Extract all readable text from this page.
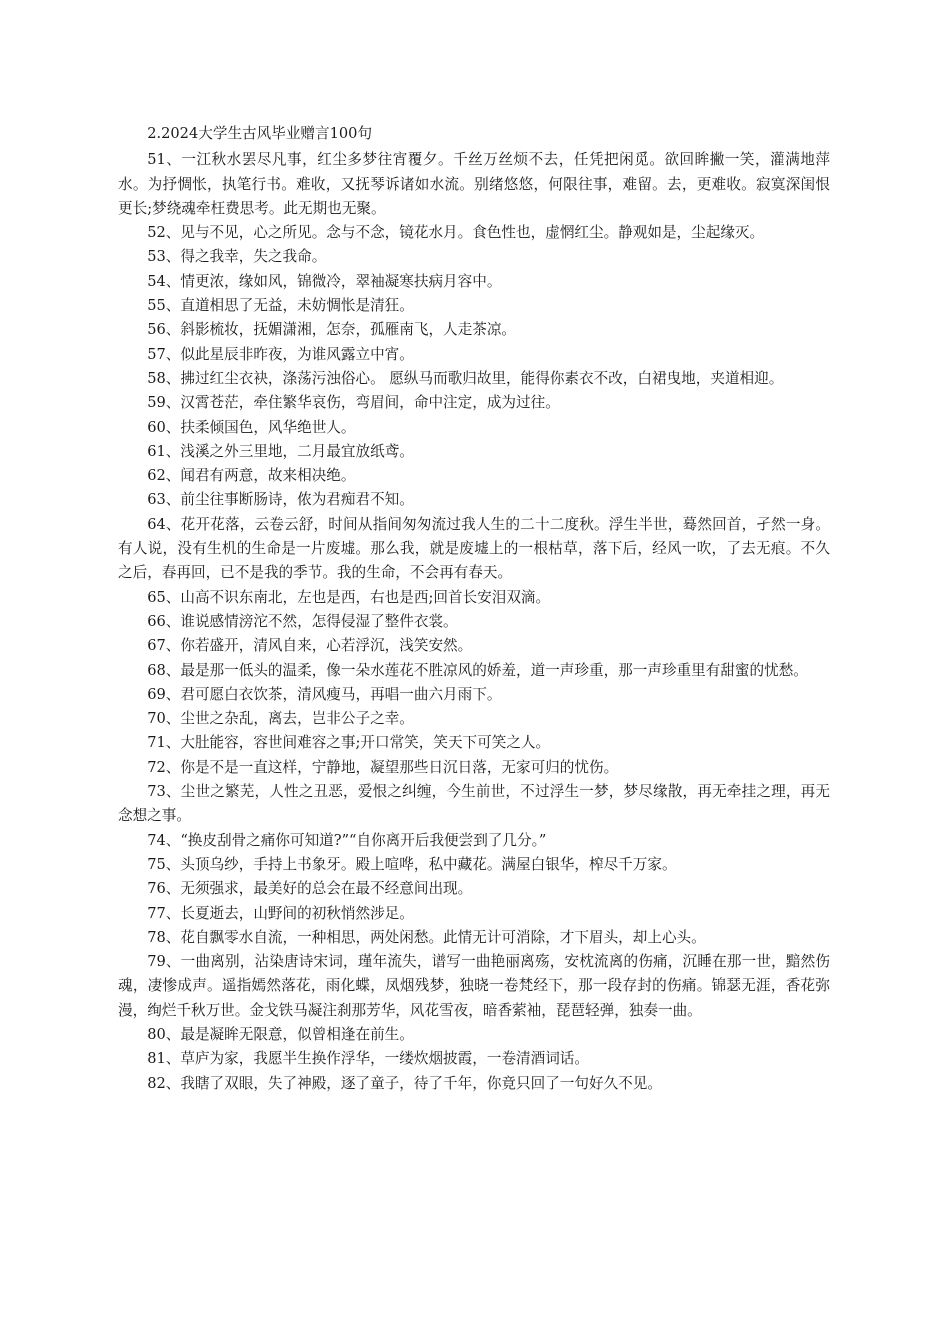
2.2024大学生古风毕业赠言100句

51、一江秋水罢尽凡事，红尘多梦往宵覆夕。千丝万丝烦不去，任凭把闲觅。欲回眸撇一笑，灌满地萍水。为抒惆怅，执笔行书。难收，又抚琴诉诸如水流。别绪悠悠，何限往事，难留。去，更难收。寂寞深闺恨更长;梦绕魂牵枉费思考。此无期也无聚。

52、见与不见，心之所见。念与不念，镜花水月。食色性也，虚惘红尘。静观如是，尘起缘灭。

53、得之我幸，失之我命。

54、情更浓，缘如风，锦微冷，翠袖凝寒扶病月容中。

55、直道相思了无益，未妨惆怅是清狂。

56、斜影梳妆，抚媚潇湘，怎奈，孤雁南飞，人走茶凉。

57、似此星辰非昨夜，为谁风露立中宵。

58、拂过红尘衣袂，涤荡污浊俗心。 愿纵马而歌归故里，能得你素衣不改，白裙曳地，夹道相迎。

59、汉霄苍茫，牵住繁华哀伤，弯眉间，命中注定，成为过往。

60、扶柔倾国色，风华绝世人。

61、浅溪之外三里地，二月最宜放纸鸢。

62、闻君有两意，故来相决绝。

63、前尘往事断肠诗，侬为君痴君不知。

64、花开花落，云卷云舒，时间从指间匆匆流过我人生的二十二度秋。浮生半世，蓦然回首，孑然一身。有人说，没有生机的生命是一片废墟。那么我，就是废墟上的一根枯草，落下后，经风一吹，了去无痕。不久之后，春再回，已不是我的季节。我的生命，不会再有春天。

65、山高不识东南北，左也是西，右也是西;回首长安泪双滴。

66、谁说感情滂沱不然，怎得侵湿了整件衣裳。

67、你若盛开，清风自来，心若浮沉，浅笑安然。

68、最是那一低头的温柔，像一朵水莲花不胜凉风的娇羞，道一声珍重，那一声珍重里有甜蜜的忧愁。

69、君可愿白衣饮茶，清风瘦马，再唱一曲六月雨下。

70、尘世之杂乱，离去，岂非公子之幸。

71、大肚能容，容世间难容之事;开口常笑，笑天下可笑之人。

72、你是不是一直这样，宁静地，凝望那些日沉日落，无家可归的忧伤。

73、尘世之繁芜，人性之丑恶，爱恨之纠缠，今生前世，不过浮生一梦，梦尽缘散，再无牵挂之理，再无念想之事。

74、“换皮刮骨之痛你可知道?”“自你离开后我便尝到了几分。”

75、头顶乌纱，手持上书象牙。殿上喧哗，私中藏花。满屋白银华，榨尽千万家。

76、无须强求，最美好的总会在最不经意间出现。

77、长夏逝去，山野间的初秋悄然涉足。

78、花自飘零水自流，一种相思，两处闲愁。此情无计可消除，才下眉头，却上心头。

79、一曲离别，沾染唐诗宋词，瑾年流失，谱写一曲艳丽离殇，安枕流离的伤痛，沉睡在那一世，黯然伤魂，凄惨成声。遥指嫣然落花，雨化蝶，凤烟残梦，独晓一卷梵经下，那一段存封的伤痛。锦瑟无涯，香花弥漫，绚烂千秋万世。金戈铁马凝注刹那芳华，风花雪夜，暗香萦袖，琵琶轻弹，独奏一曲。

80、最是凝眸无限意，似曾相逢在前生。

81、草庐为家，我愿半生换作浮华，一缕炊烟披霞，一卷清酒词话。

82、我瞎了双眼，失了神殿，逐了童子，待了千年，你竟只回了一句好久不见。
